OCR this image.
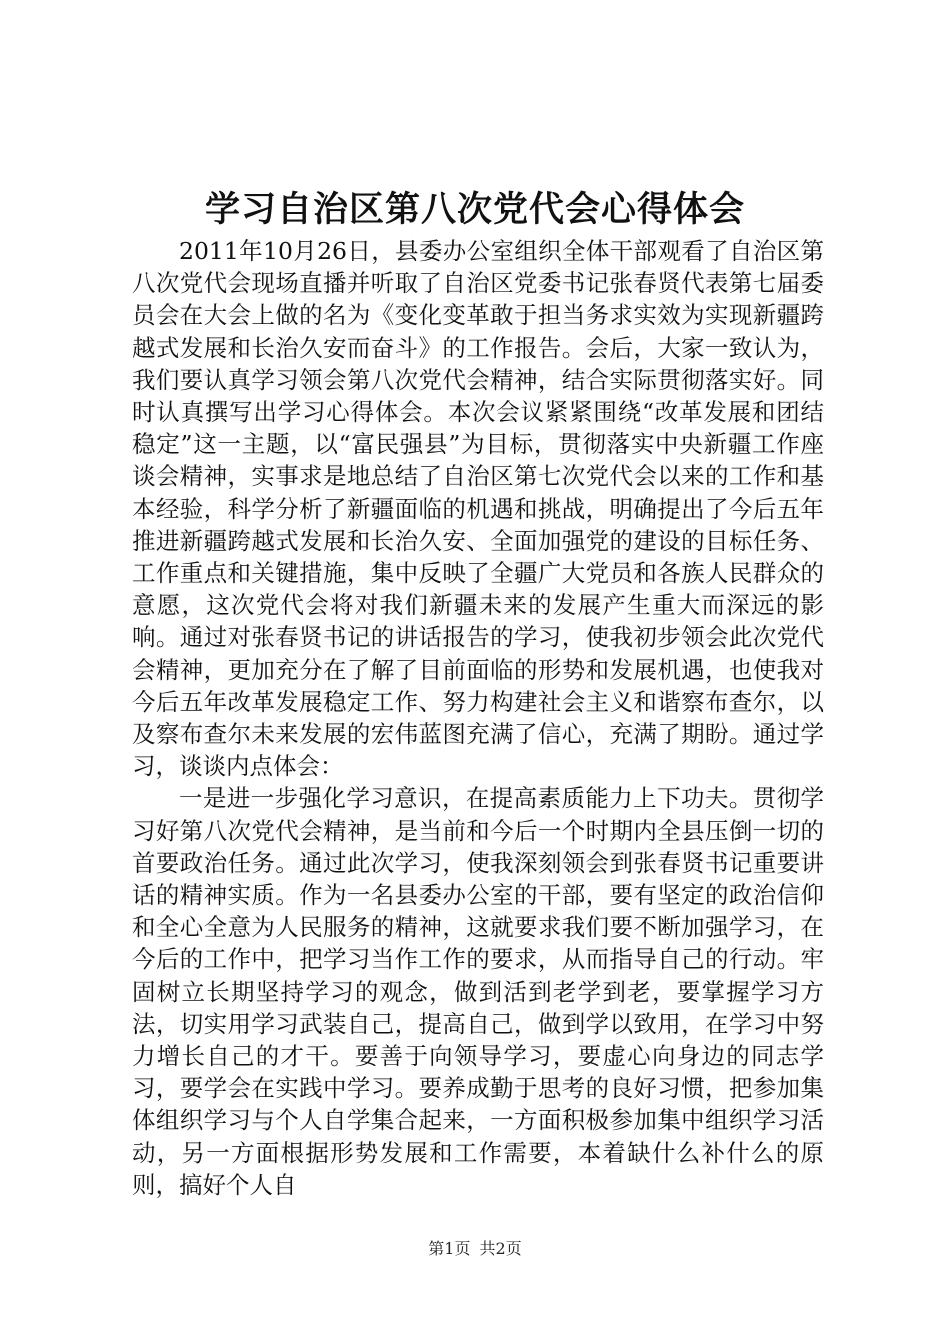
学习自治区第八次党代会心得体会

2011年10月26日，县委办公室组织全体干部观看了自治区第八次党代会现场直播并听取了自治区党委书记张春贤代表第七届委员会在大会上做的名为《变化变革敢于担当务求实效为实现新疆跨越式发展和长治久安而奋斗》的工作报告。会后，大家一致认为，我们要认真学习领会第八次党代会精神，结合实际贯彻落实好。同时认真撰写出学习心得体会。本次会议紧紧围绕“改革发展和团结稳定”这一主题，以“富民强县”为目标，贯彻落实中央新疆工作座谈会精神，实事求是地总结了自治区第七次党代会以来的工作和基本经验，科学分析了新疆面临的机遇和挑战，明确提出了今后五年推进新疆跨越式发展和长治久安、全面加强党的建设的目标任务、工作重点和关键措施，集中反映了全疆广大党员和各族人民群众的意愿，这次党代会将对我们新疆未来的发展产生重大而深远的影响。通过对张春贤书记的讲话报告的学习，使我初步领会此次党代会精神，更加充分在了解了目前面临的形势和发展机遇，也使我对今后五年改革发展稳定工作、努力构建社会主义和谐察布查尔，以及察布查尔未来发展的宏伟蓝图充满了信心，充满了期盼。通过学习，谈谈内点体会：

一是进一步强化学习意识，在提高素质能力上下功夫。贯彻学习好第八次党代会精神，是当前和今后一个时期内全县压倒一切的首要政治任务。通过此次学习，使我深刻领会到张春贤书记重要讲话的精神实质。作为一名县委办公室的干部，要有坚定的政治信仰和全心全意为人民服务的精神，这就要求我们要不断加强学习，在今后的工作中，把学习当作工作的要求，从而指导自己的行动。牢固树立长期坚持学习的观念，做到活到老学到老，要掌握学习方法，切实用学习武装自己，提高自己，做到学以致用，在学习中努力增长自己的才干。要善于向领导学习，要虚心向身边的同志学习，要学会在实践中学习。要养成勤于思考的良好习惯，把参加集体组织学习与个人自学集合起来，一方面积极参加集中组织学习活动，另一方面根据形势发展和工作需要，本着缺什么补什么的原则，搞好个人自

第1页 共2页
